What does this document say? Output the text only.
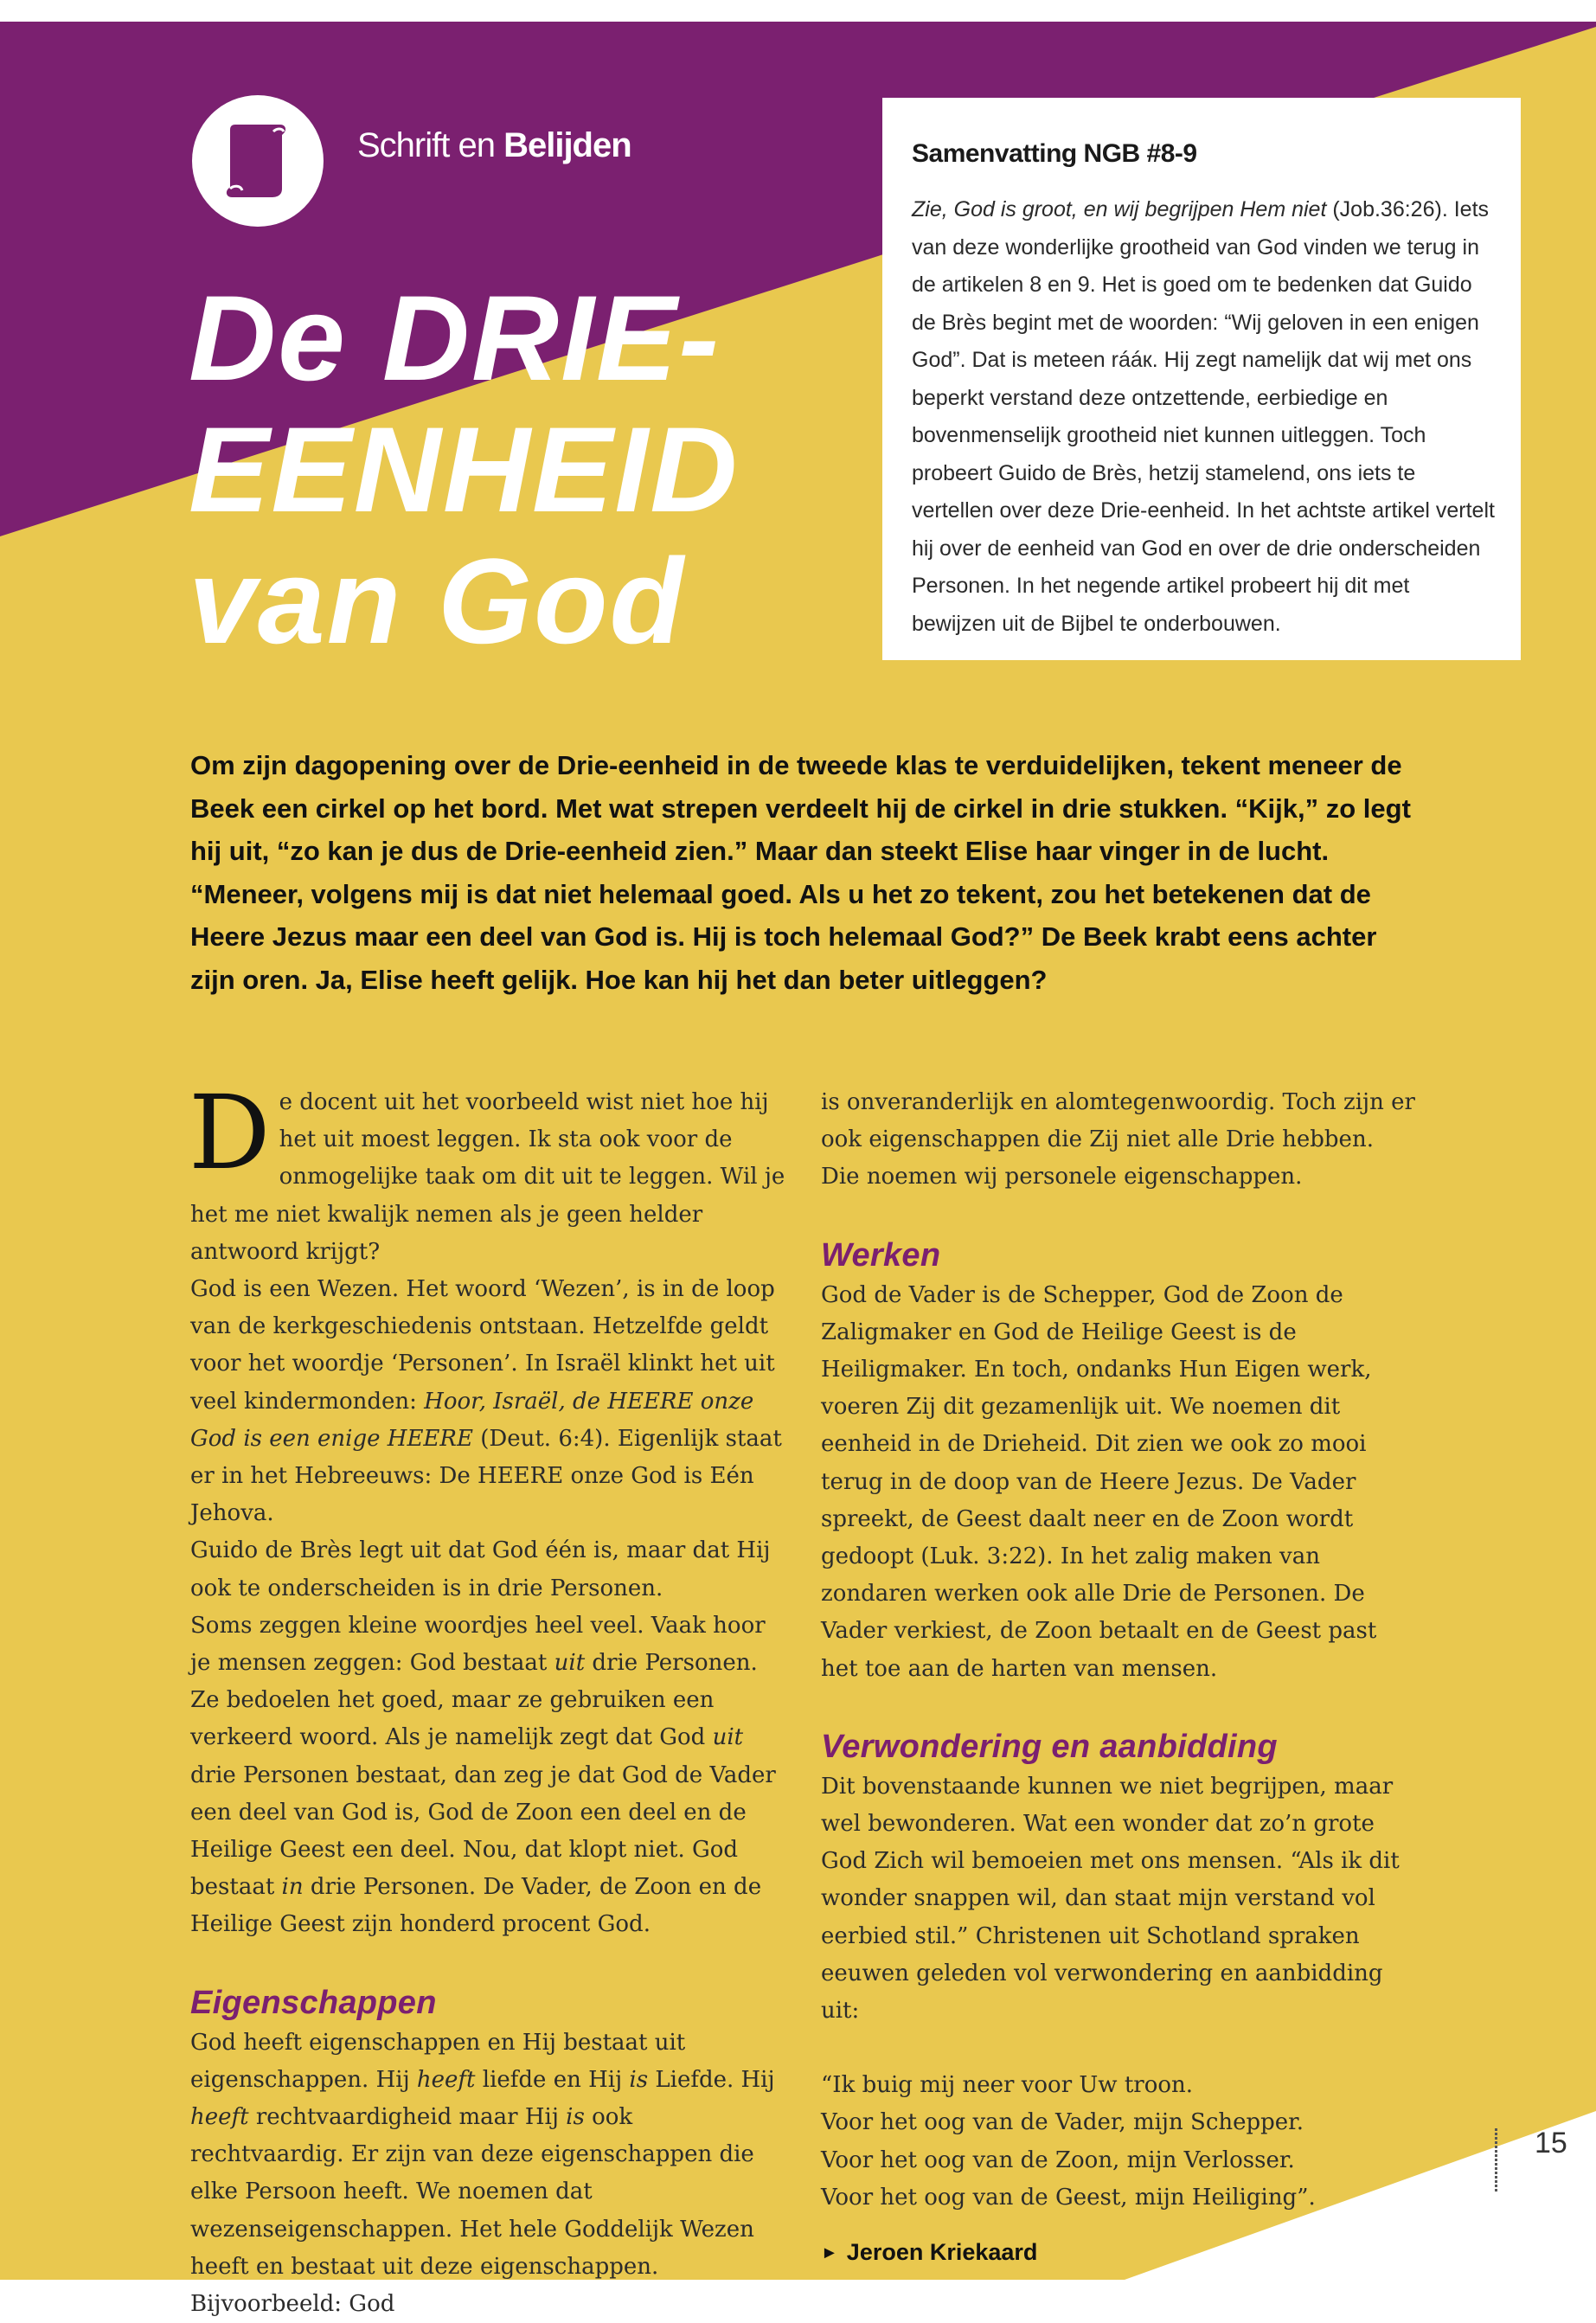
Schrift en Belijden
De DRIE-
EENHEID
van God
Samenvatting NGB #8-9

Zie, God is groot, en wij begrijpen Hem niet (Job.36:26). Iets van deze wonderlijke grootheid van God vinden we terug in de artikelen 8 en 9. Het is goed om te bedenken dat Guido de Brès begint met de woorden: “Wij geloven in een enigen God”. Dat is meteen rááк. Hij zegt namelijk dat wij met ons beperkt verstand deze ontzettende, eerbiedige en bovenmenselijk grootheid niet kunnen uitleggen. Toch probeert Guido de Brès, hetzij stamelend, ons iets te vertellen over deze Drie-eenheid. In het achtste artikel vertelt hij over de eenheid van God en over de drie onderscheiden Personen. In het negende artikel probeert hij dit met bewijzen uit de Bijbel te onderbouwen.

Om zijn dagopening over de Drie-eenheid in de tweede klas te verduidelijken, tekent meneer de Beek een cirkel op het bord. Met wat strepen verdeelt hij de cirkel in drie stukken. “Kijk,” zo legt hij uit, “zo kan je dus de Drie-eenheid zien.” Maar dan steekt Elise haar vinger in de lucht. “Meneer, volgens mij is dat niet helemaal goed. Als u het zo tekent, zou het betekenen dat de Heere Jezus maar een deel van God is. Hij is toch helemaal God?” De Beek krabt eens achter zijn oren. Ja, Elise heeft gelijk. Hoe kan hij het dan beter uitleggen?

De docent uit het voorbeeld wist niet hoe hij het uit moest leggen. Ik sta ook voor de onmogelijke taak om dit uit te leggen. Wil je het me niet kwalijk nemen als je geen helder antwoord krijgt?

God is een Wezen. Het woord ‘Wezen’, is in de loop van de kerkgeschiedenis ontstaan. Hetzelfde geldt voor het woordje ‘Personen’. In Israël klinkt het uit veel kindermonden: Hoor, Israël, de HEERE onze God is een enige HEERE (Deut. 6:4). Eigenlijk staat er in het Hebreeuws: De HEERE onze God is Eén Jehova.

Guido de Brès legt uit dat God één is, maar dat Hij ook te onderscheiden is in drie Personen.

Soms zeggen kleine woordjes heel veel. Vaak hoor je mensen zeggen: God bestaat uit drie Personen. Ze bedoelen het goed, maar ze gebruiken een verkeerd woord. Als je namelijk zegt dat God uit drie Personen bestaat, dan zeg je dat God de Vader een deel van God is, God de Zoon een deel en de Heilige Geest een deel. Nou, dat klopt niet. God bestaat in drie Personen. De Vader, de Zoon en de Heilige Geest zijn honderd procent God.

Eigenschappen

God heeft eigenschappen en Hij bestaat uit eigenschappen. Hij heeft liefde en Hij is Liefde. Hij heeft rechtvaardigheid maar Hij is ook rechtvaardig. Er zijn van deze eigenschappen die elke Persoon heeft. We noemen dat wezenseigenschappen. Het hele Goddelijk Wezen heeft en bestaat uit deze eigenschappen. Bijvoorbeeld: God

is onveranderlijk en alomtegenwoordig. Toch zijn er ook eigenschappen die Zij niet alle Drie hebben. Die noemen wij personele eigenschappen.

Werken

God de Vader is de Schepper, God de Zoon de Zaligmaker en God de Heilige Geest is de Heiligmaker. En toch, ondanks Hun Eigen werk, voeren Zij dit gezamenlijk uit. We noemen dit eenheid in de Drieheid. Dit zien we ook zo mooi terug in de doop van de Heere Jezus. De Vader spreekt, de Geest daalt neer en de Zoon wordt gedoopt (Luk. 3:22). In het zalig maken van zondaren werken ook alle Drie de Personen. De Vader verkiest, de Zoon betaalt en de Geest past het toe aan de harten van mensen.

Verwondering en aanbidding

Dit bovenstaande kunnen we niet begrijpen, maar wel bewonderen. Wat een wonder dat zo’n grote God Zich wil bemoeien met ons mensen. “Als ik dit wonder snappen wil, dan staat mijn verstand vol eerbied stil.” Christenen uit Schotland spraken eeuwen geleden vol verwondering en aanbidding uit:

“Ik buig mij neer voor Uw troon.

Voor het oog van de Vader, mijn Schepper.

Voor het oog van de Zoon, mijn Verlosser.

Voor het oog van de Geest, mijn Heiliging”.

► Jeroen Kriekaard
15
